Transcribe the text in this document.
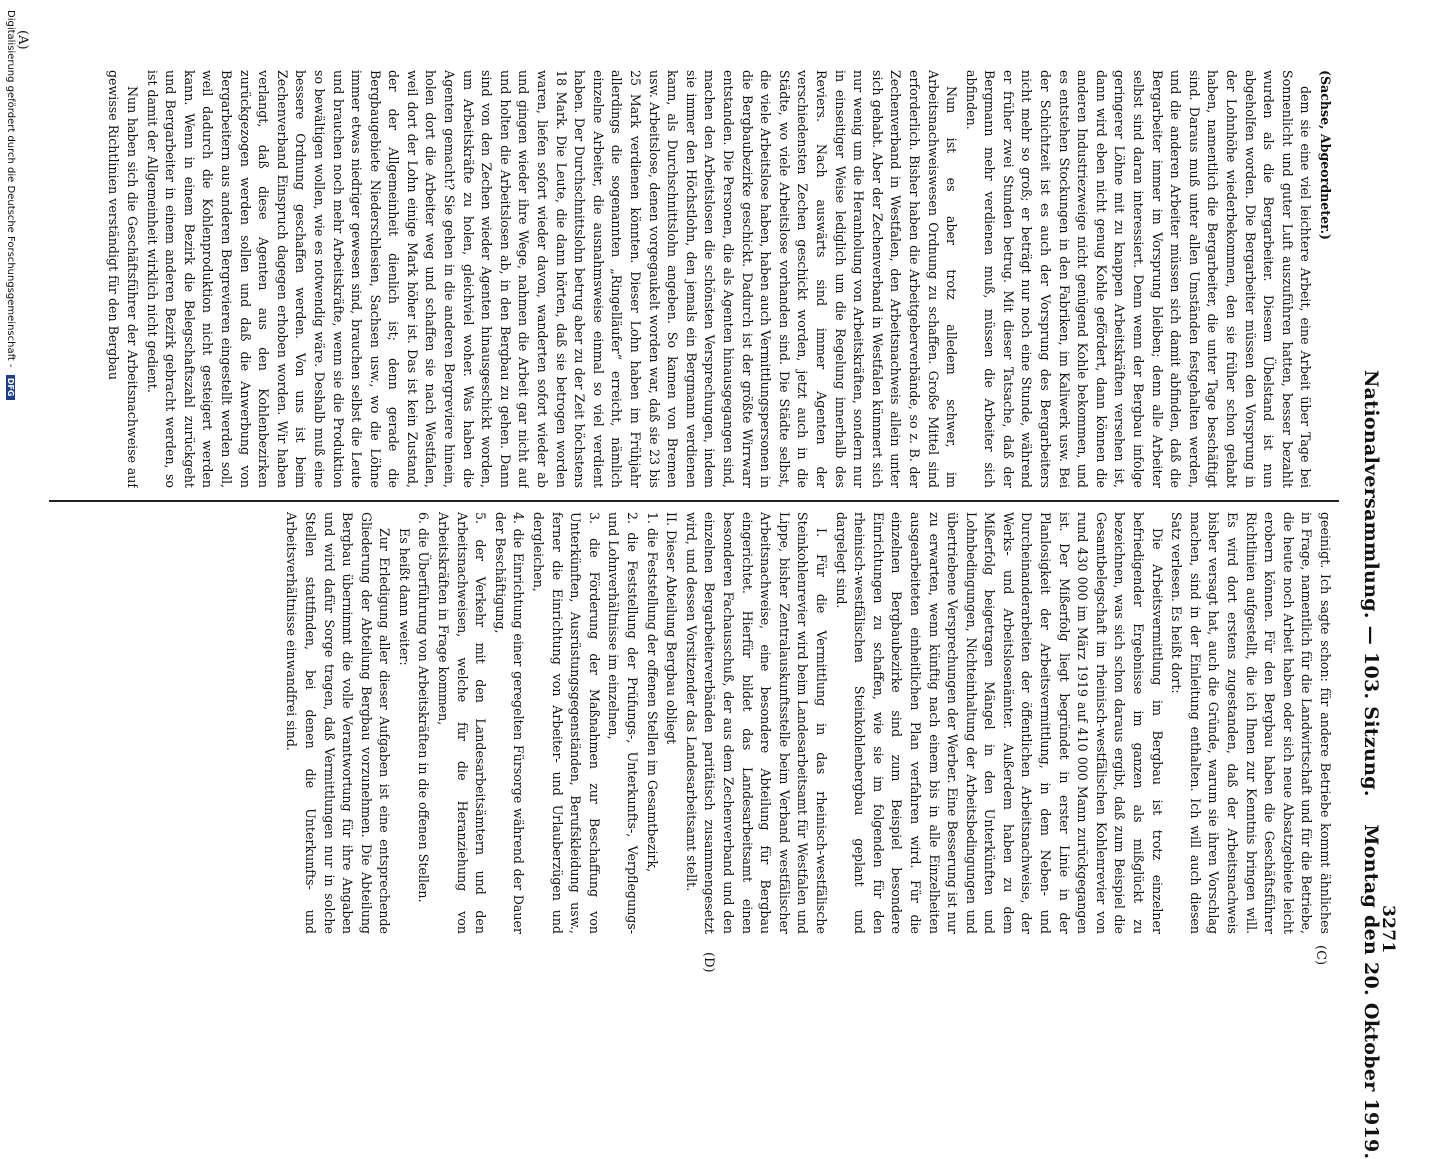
Nationalversammlung. — 103. Sitzung.    Montag den 20. Oktober 1919.
3271
(C)
(D)

(Sachse, Abgeordneter.)

dem sie eine viel leichtere Arbeit, eine Arbeit über Tage bei Sonnenlicht und guter Luft auszuführen hatten, besser bezahlt wurden als die Bergarbeiter. Diesem Übelstand ist nun abgeholfen worden. Die Bergarbeiter müssen den Vorsprung in der Lohnhöhe wiederbekommen, den sie früher schon gehabt haben, namentlich die Bergarbeiter, die unter Tage beschäftigt sind. Daraus muß unter allen Umständen festgehalten werden, und die anderen Arbeiter müssen sich damit abfinden, daß die Bergarbeiter immer im Vorsprung bleiben; denn alle Arbeiter selbst sind daran interessiert. Denn wenn der Bergbau infolge geringerer Löhne mit zu knappen Arbeitskräften versehen ist, dann wird eben nicht genug Kohle gefördert, dann können die anderen Industriezweige nicht genügend Kohle bekommen, und es entstehen Stockungen in den Fabriken, im Kaliwerk usw. Bei der Schichtzeit ist es auch der Vorsprung des Bergarbeiters nicht mehr so groß; er beträgt nur noch eine Stunde, während er früher zwei Stunden betrug. Mit dieser Tatsache, daß der Bergmann mehr verdienen muß, müssen die Arbeiter sich abfinden.

Nun ist es aber trotz alledem schwer, im Arbeitsnachweiswesen Ordnung zu schaffen. Große Mittel sind erforderlich. Bisher haben die Arbeitgeberverbände, so z. B. der Zechenverband in Westfalen, den Arbeitsnachweis allein unter sich gehabt. Aber der Zechenverband in Westfalen kümmert sich nur wenig um die Heranholung von Arbeitskräften, sondern nur in einseitiger Weise lediglich um die Regelung innerhalb des Reviers. Nach auswärts sind immer Agenten der verschiedensten Zechen geschickt worden, jetzt auch in die Städte, wo viele Arbeitslose vorhanden sind. Die Städte selbst, die viele Arbeitslose haben, haben auch Vermittlungspersonen in die Bergbaubezirke geschickt. Dadurch ist der größte Wirrwarr entstanden. Die Personen, die als Agenten hinausgegangen sind, machen den Arbeitslosen die schönsten Versprechungen, indem sie immer den Höchstlohn, den jemals ein Bergmann verdienen kann, als Durchschnittslohn angeben. So kamen von Bremen usw. Arbeitslose, denen vorgegaukelt worden war, daß sie 23 bis 25 Mark verdienen könnten. Dieser Lohn haben im Frühjahr allerdings die sogenannten „Ringelläufer“ erreicht, nämlich einzelne Arbeiter, die ausnahmsweise einmal so viel verdient haben. Der Durchschnittslohn betrug aber zu der Zeit höchstens 18 Mark. Die Leute, die dann hörten, daß sie betrogen worden waren, liefen sofort wieder davon, wanderten sofort wieder ab und gingen wieder ihre Wege, nahmen die Arbeit gar nicht auf und holten die Arbeitslosen ab, in den Bergbau zu gehen. Dann sind von den Zechen wieder Agenten hinausgeschickt worden, um Arbeitskräfte zu holen, gleichviel woher. Was haben die Agenten gemacht? Sie gehen in die anderen Bergreviere hinein, holen dort die Arbeiter weg und schaffen sie nach Westfalen, weil dort der Lohn einige Mark höher ist. Das ist kein Zustand, der der Allgemeinheit dienlich ist; denn gerade die Bergbaugebiete Niederschlesien, Sachsen usw., wo die Löhne immer etwas niedriger gewesen sind, brauchen selbst die Leute und brauchen noch mehr Arbeitskräfte, wenn sie die Produktion so bewältigen wollen, wie es notwendig wäre. Deshalb muß eine bessere Ordnung geschaffen werden. Von uns ist beim Zechenverband Einspruch dagegen erhoben worden. Wir haben verlangt, daß diese Agenten aus den Kohlenbezirken zurückgezogen werden sollen und daß die Anwerbung von Bergarbeitern aus anderen Bergrevieren eingestellt werden soll, weil dadurch die Kohlenproduktion nicht gesteigert werden kann. Wenn in einem Bezirk die Belegschaftszahl zurückgeht und Bergarbeiter in einem anderen Bezirk gebracht werden, so ist damit der Allgemeinheit wirklich nicht gedient.

Nun haben sich die Geschäftsführer der Arbeitsnachweise auf gewisse Richtlinien verständigt für den Bergbau

geeinigt. Ich sagte schon: für andere Betriebe kommt ähnliches in Frage, namentlich für die Landwirtschaft und für die Betriebe, die heute noch Arbeit haben oder sich neue Absatzgebiete leicht erobern können. Für den Bergbau haben die Geschäftsführer Richtlinien aufgestellt, die ich Ihnen zur Kenntnis bringen will. Es wird dort erstens zugestanden, daß der Arbeitsnachweis bisher versagt hat, auch die Gründe, warum sie ihren Vorschlag machen, sind in der Einleitung enthalten. Ich will auch diesen Satz verlesen. Es heißt dort:

Die Arbeitsvermittlung im Bergbau ist trotz einzelner befriedigender Ergebnisse im ganzen als mißglückt zu bezeichnen, was sich schon daraus ergibt, daß zum Beispiel die Gesamtbelegschaft im rheinisch-westfälischen Kohlenrevier von rund 430 000 im März 1919 auf 410 000 Mann zurückgegangen ist. Der Mißerfolg liegt begründet in erster Linie in der Planlosigkeit der Arbeitsvermittlung, in dem Neben- und Durcheinanderarbeiten der öffentlichen Arbeitsnachweise, der Werks- und Arbeitslosenämter. Außerdem haben zu dem Mißerfolg beigetragen Mängel in den Unterkünften und Lohnbedingungen, Nichteinhaltung der Arbeitsbedingungen und übertriebene Versprechungen der Werber. Eine Besserung ist nur zu erwarten, wenn künftig nach einem bis in alle Einzelheiten ausgearbeiteten einheitlichen Plan verfahren wird. Für die einzelnen Bergbaubezirke sind zum Beispiel besondere Einrichtungen zu schaffen, wie sie im folgenden für den rheinisch-westfälischen Steinkohlenbergbau geplant und dargelegt sind.

I. Für die Vermittlung in das rheinisch-westfälische Steinkohlenrevier wird beim Landesarbeitsamt für Westfalen und Lippe, bisher Zentralauskunftsstelle beim Verband westfälischer Arbeitsnachweise, eine besondere Abteilung für Bergbau eingerichtet. Hierfür bildet das Landesarbeitsamt einen besonderen Fachausschuß, der aus dem Zechenverband und den einzelnen Bergarbeiterverbänden paritätisch zusammengesetzt wird, und dessen Vorsitzender das Landesarbeitsamt stellt.

II. Dieser Abteilung Bergbau obliegt

1. die Feststellung der offenen Stellen im Gesamtbezirk,

2. die Feststellung der Prüfungs-, Unterkunfts-, Verpflegungs- und Lohnverhältnisse im einzelnen,

3. die Förderung der Maßnahmen zur Beschaffung von Unterkünften, Ausrüstungsgegenständen, Berufskleidung usw., ferner die Einrichtung von Arbeiter- und Urlauberzügen und dergleichen,

4. die Einrichtung einer geregelten Fürsorge während der Dauer der Beschäftigung,

5. der Verkehr mit den Landesarbeitsämtern und den Arbeitsnachweisen, welche für die Heranziehung von Arbeitskräften in Frage kommen,

6. die Überführung von Arbeitskräften in die offenen Stellen.

Es heißt dann weiter:

Zur Erledigung aller dieser Aufgaben ist eine entsprechende Gliederung der Abteilung Bergbau vorzunehmen. Die Abteilung Bergbau übernimmt die volle Verantwortung für ihre Angaben und wird dafür Sorge tragen, daß Vermittlungen nur in solche Stellen stattfinden, bei denen die Unterkunfts- und Arbeitsverhältnisse einwandfrei sind.

(A)
Digitalisierung gefördert durch die Deutsche Forschungsgemeinschaft - DFG
